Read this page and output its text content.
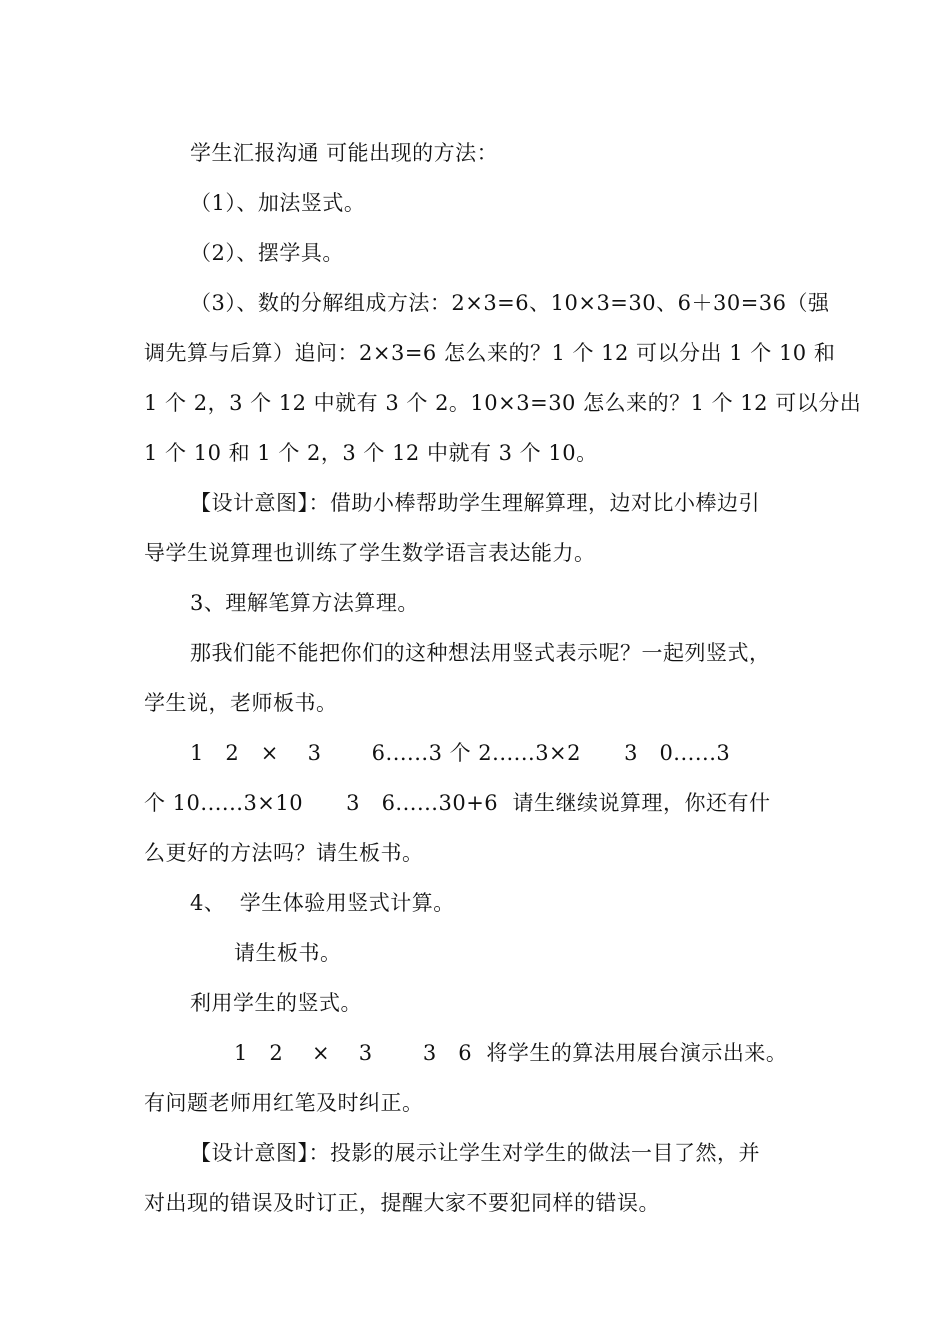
学生汇报沟通 可能出现的方法：
（1）、加法竖式。
（2）、摆学具。
（3）、数的分解组成方法：2×3=6、10×3=30、6＋30=36（强
调先算与后算）追问：2×3=6 怎么来的？1 个 12 可以分出 1 个 10 和
1 个 2，3 个 12 中就有 3 个 2。10×3=30 怎么来的？1 个 12 可以分出
1 个 10 和 1 个 2，3 个 12 中就有 3 个 10。
【设计意图】：借助小棒帮助学生理解算理，边对比小棒边引
导学生说算理也训练了学生数学语言表达能力。
3、理解笔算方法算理。
那我们能不能把你们的这种想法用竖式表示呢？一起列竖式，
学生说，老师板书。
1   2   ×    3       6......3 个 2......3×2      3   0......3
个 10......3×10      3   6......30+6  请生继续说算理，你还有什
么更好的方法吗？请生板书。
4、  学生体验用竖式计算。
请生板书。
利用学生的竖式。
1   2    ×    3       3   6  将学生的算法用展台演示出来。
有问题老师用红笔及时纠正。
【设计意图】：投影的展示让学生对学生的做法一目了然，并
对出现的错误及时订正，提醒大家不要犯同样的错误。
